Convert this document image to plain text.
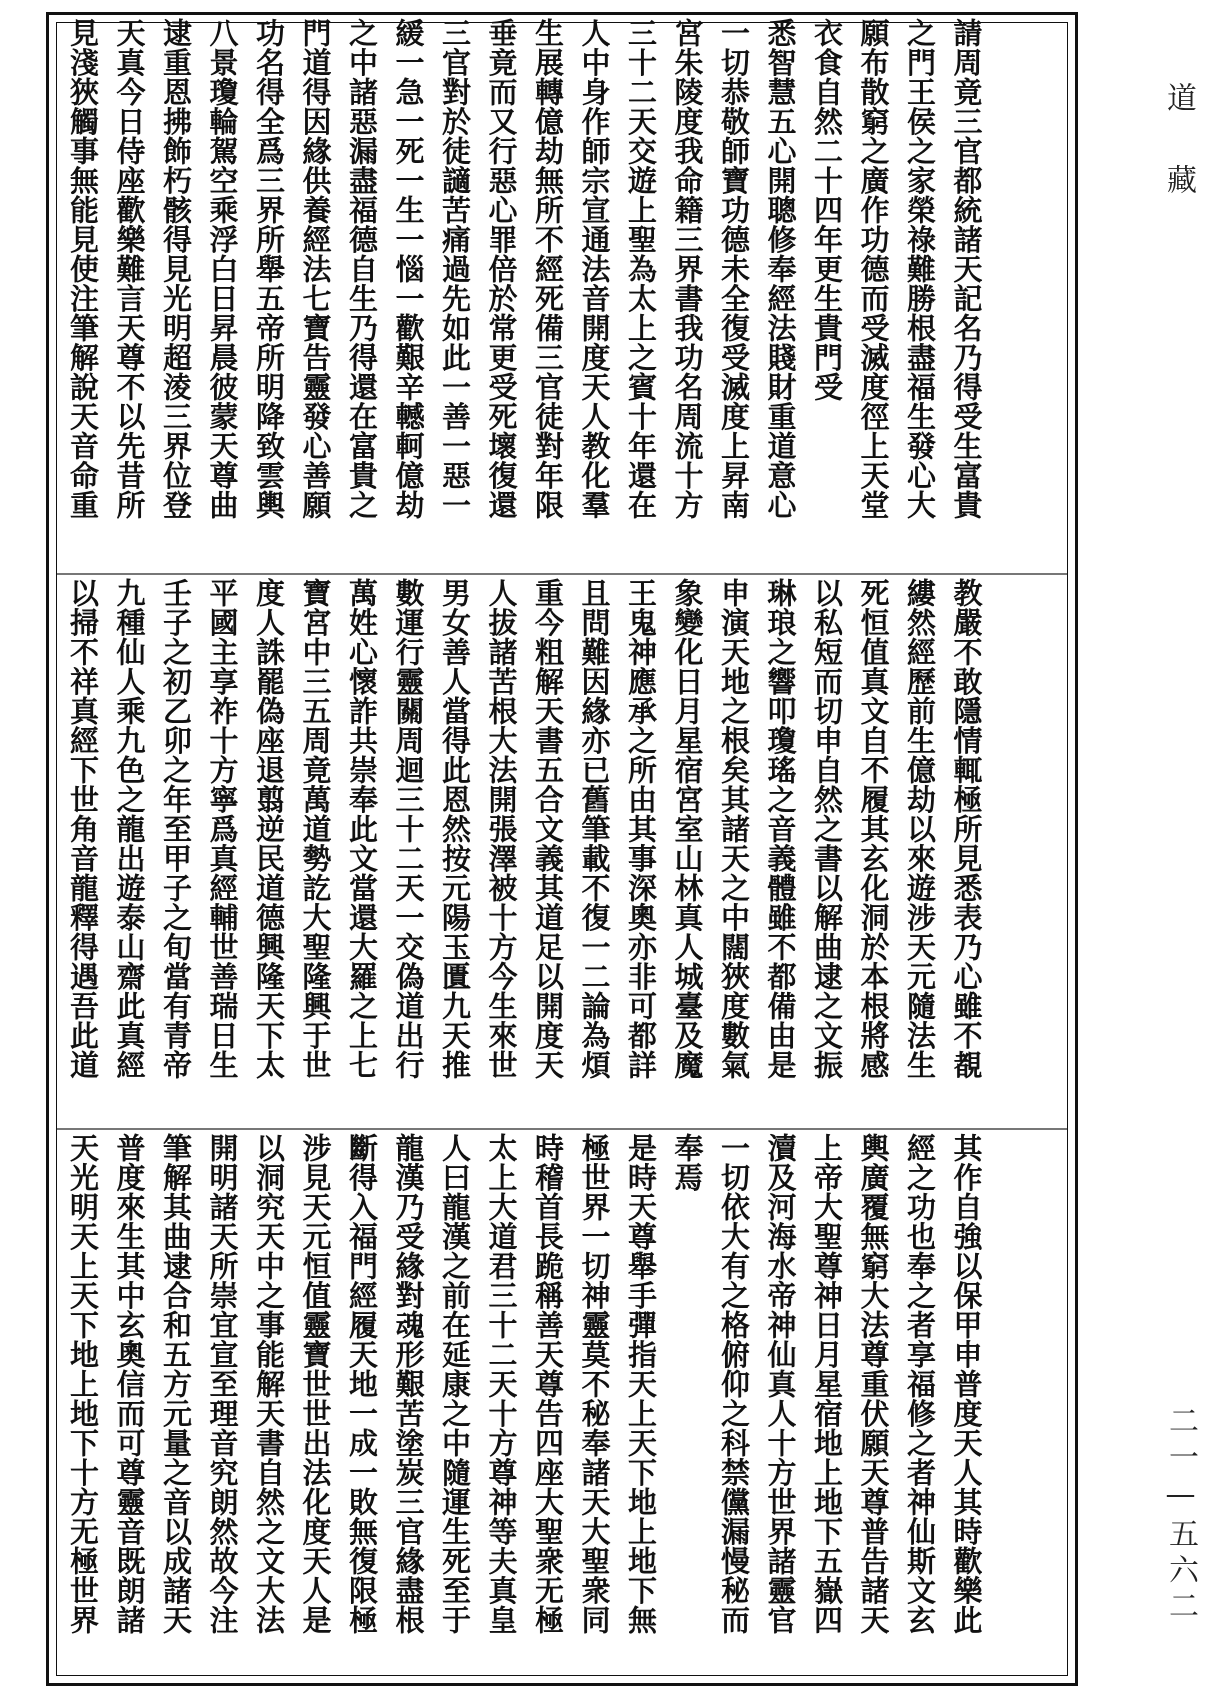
請周竟三官都統諸天記名乃得受生富貴
之門王侯之家榮祿難勝根盡福生發心大
願布散窮之廣作功德而受滅度徑上天堂
衣食自然二十四年更生貴門受
悉智慧五心開聰修奉經法賤財重道意心
一切恭敬師寶功德未全復受滅度上昇南
宮朱陵度我命籍三界書我功名周流十方
三十二天交遊上聖為太上之賓十年還在
人中身作師宗宣通法音開度天人教化羣
生展轉億劫無所不經死備三官徒對年限
垂竟而又行惡心罪倍於常更受死壞復還
三官對於徒讁苦痛過先如此一善一惡一
緩一急一死一生一惱一歡艱辛轗軻億劫
之中諸惡漏盡福德自生乃得還在富貴之
門道得因緣供養經法七寶告靈發心善願
功名得全爲三界所舉五帝所明降致雲輿
八景瓊輪駕空乘浮白日昇晨彼蒙天尊曲
逮重恩拂飾朽骸得見光明超淩三界位登
天真今日侍座歡樂難言天尊不以先昔所
見淺狹觸事無能見使注筆解說天音命重
教嚴不敢隱情輒極所見悉表乃心雖不覩
縷然經歷前生億劫以來遊涉天元隨法生
死恒值真文自不履其玄化洞於本根將感
以私短而切申自然之書以解曲逮之文振
琳琅之響叩瓊瑤之音義體雖不都備由是
申演天地之根矣其諸天之中闊狹度數氣
象變化日月星宿宮室山林真人城臺及魔
王鬼神應承之所由其事深奧亦非可都詳
且問難因緣亦已舊筆載不復一二論為煩
重今粗解天書五合文義其道足以開度天
人拔諸苦根大法開張澤被十方今生來世
男女善人當得此恩然按元陽玉匱九天推
數運行靈關周迴三十二天一交偽道出行
萬姓心懷詐共崇奉此文當還大羅之上七
寶宮中三五周竟萬道勢訖大聖隆興于世
度人誅罷偽座退翦逆民道德興隆天下太
平國主享祚十方寧爲真經輔世善瑞日生
壬子之初乙卯之年至甲子之旬當有青帝
九種仙人乘九色之龍出遊泰山齋此真經
以掃不祥真經下世角音龍釋得遇吾此道
其作自強以保甲申普度天人其時歡樂此
經之功也奉之者享福修之者神仙斯文玄
輿廣覆無窮大法尊重伏願天尊普告諸天
上帝大聖尊神日月星宿地上地下五嶽四
瀆及河海水帝神仙真人十方世界諸靈官
一切依大有之格俯仰之科禁儻漏慢秘而
奉焉
是時天尊舉手彈指天上天下地上地下無
極世界一切神靈莫不秘奉諸天大聖衆同
時稽首長跪稱善天尊告四座大聖衆无極
太上大道君三十二天十方尊神等夫真皇
人曰龍漢之前在延康之中隨運生死至于
龍漢乃受緣對魂形艱苦塗炭三官緣盡根
斷得入福門經履天地一成一敗無復限極
涉見天元恒值靈寶世世出法化度天人是
以洞究天中之事能解天書自然之文大法
開明諸天所崇宜宣至理音究朗然故今注
筆解其曲逮合和五方元量之音以成諸天
普度來生其中玄奧信而可尊靈音既朗諸
天光明天上天下地上地下十方无極世界
道藏
二一—五六二
